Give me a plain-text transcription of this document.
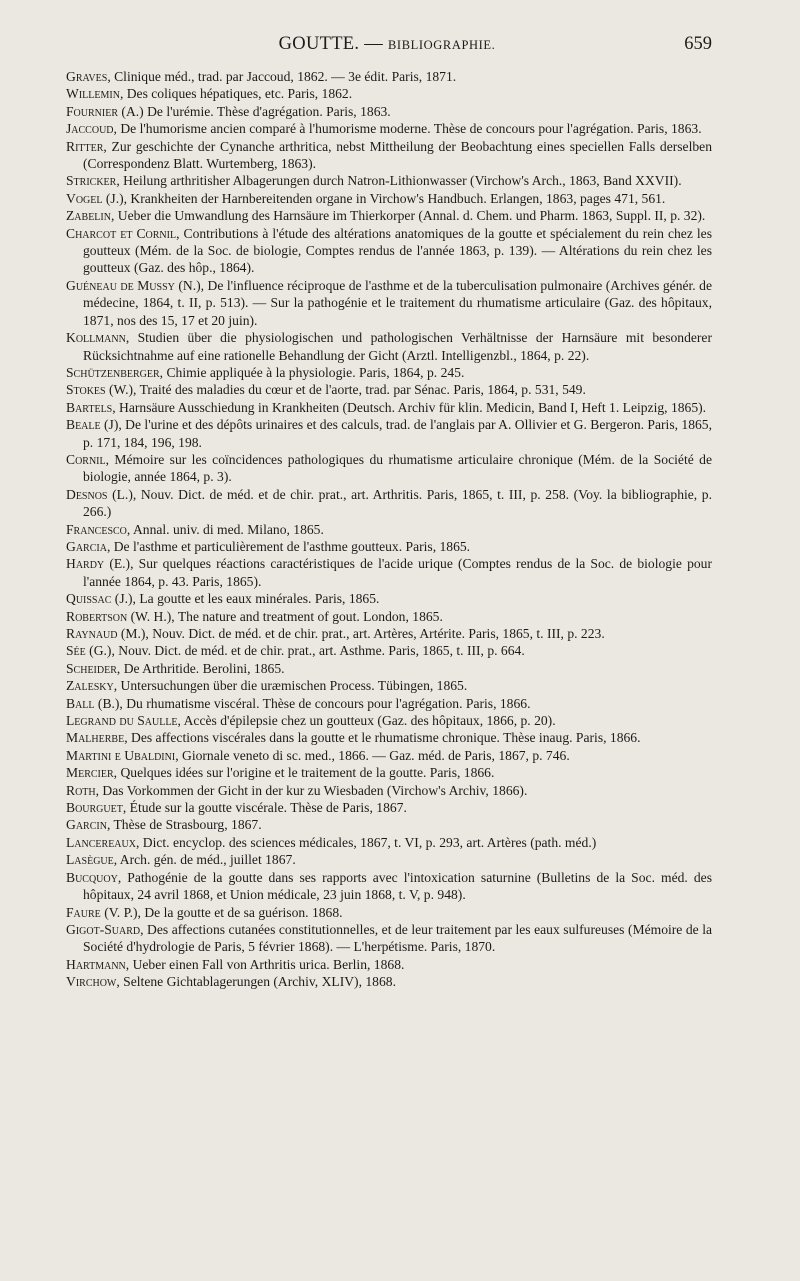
GOUTTE. — BIBLIOGRAPHIE.	659

Graves, Clinique méd., trad. par Jaccoud, 1862. — 3e édit. Paris, 1871.

Willemin, Des coliques hépatiques, etc. Paris, 1862.

Fournier (A.) De l'urémie. Thèse d'agrégation. Paris, 1863.

Jaccoud, De l'humorisme ancien comparé à l'humorisme moderne. Thèse de concours pour l'agrégation. Paris, 1863.

Ritter, Zur geschichte der Cynanche arthritica, nebst Mittheilung der Beobachtung eines speciellen Falls derselben (Correspondenz Blatt. Wurtemberg, 1863).

Stricker, Heilung arthritisher Albagerungen durch Natron-Lithionwasser (Virchow's Arch., 1863, Band XXVII).

Vogel (J.), Krankheiten der Harnbereitenden organe in Virchow's Handbuch. Erlangen, 1863, pages 471, 561.

Zabelin, Ueber die Umwandlung des Harnsäure im Thierkorper (Annal. d. Chem. und Pharm. 1863, Suppl. II, p. 32).

Charcot et Cornil, Contributions à l'étude des altérations anatomiques de la goutte et spécialement du rein chez les goutteux (Mém. de la Soc. de biologie, Comptes rendus de l'année 1863, p. 139). — Altérations du rein chez les goutteux (Gaz. des hôp., 1864).

Guéneau de Mussy (N.), De l'influence réciproque de l'asthme et de la tuberculisation pulmonaire (Archives génér. de médecine, 1864, t. II, p. 513). — Sur la pathogénie et le traitement du rhumatisme articulaire (Gaz. des hôpitaux, 1871, nos des 15, 17 et 20 juin).

Kollmann, Studien über die physiologischen und pathologischen Verhältnisse der Harnsäure mit besonderer Rücksichtnahme auf eine rationelle Behandlung der Gicht (Arztl. Intelligenzbl., 1864, p. 22).

Schützenberger, Chimie appliquée à la physiologie. Paris, 1864, p. 245.

Stokes (W.), Traité des maladies du cœur et de l'aorte, trad. par Sénac. Paris, 1864, p. 531, 549.

Bartels, Harnsäure Ausschiedung in Krankheiten (Deutsch. Archiv für klin. Medicin, Band I, Heft 1. Leipzig, 1865).

Beale (J), De l'urine et des dépôts urinaires et des calculs, trad. de l'anglais par A. Ollivier et G. Bergeron. Paris, 1865, p. 171, 184, 196, 198.

Cornil, Mémoire sur les coïncidences pathologiques du rhumatisme articulaire chronique (Mém. de la Société de biologie, année 1864, p. 3).

Desnos (L.), Nouv. Dict. de méd. et de chir. prat., art. Arthritis. Paris, 1865, t. III, p. 258. (Voy. la bibliographie, p. 266.)

Francesco, Annal. univ. di med. Milano, 1865.

Garcia, De l'asthme et particulièrement de l'asthme goutteux. Paris, 1865.

Hardy (E.), Sur quelques réactions caractéristiques de l'acide urique (Comptes rendus de la Soc. de biologie pour l'année 1864, p. 43. Paris, 1865).

Quissac (J.), La goutte et les eaux minérales. Paris, 1865.

Robertson (W. H.), The nature and treatment of gout. London, 1865.

Raynaud (M.), Nouv. Dict. de méd. et de chir. prat., art. Artères, Artérite. Paris, 1865, t. III, p. 223.

Sée (G.), Nouv. Dict. de méd. et de chir. prat., art. Asthme. Paris, 1865, t. III, p. 664.

Scheider, De Arthritide. Berolini, 1865.

Zalesky, Untersuchungen über die uræmischen Process. Tübingen, 1865.

Ball (B.), Du rhumatisme viscéral. Thèse de concours pour l'agrégation. Paris, 1866.

Legrand du Saulle, Accès d'épilepsie chez un goutteux (Gaz. des hôpitaux, 1866, p. 20).

Malherbe, Des affections viscérales dans la goutte et le rhumatisme chronique. Thèse inaug. Paris, 1866.

Martini e Ubaldini, Giornale veneto di sc. med., 1866. — Gaz. méd. de Paris, 1867, p. 746.

Mercier, Quelques idées sur l'origine et le traitement de la goutte. Paris, 1866.

Roth, Das Vorkommen der Gicht in der kur zu Wiesbaden (Virchow's Archiv, 1866).

Bourguet, Étude sur la goutte viscérale. Thèse de Paris, 1867.

Garcin, Thèse de Strasbourg, 1867.

Lancereaux, Dict. encyclop. des sciences médicales, 1867, t. VI, p. 293, art. Artères (path. méd.)

Lasègue, Arch. gén. de méd., juillet 1867.

Bucquoy, Pathogénie de la goutte dans ses rapports avec l'intoxication saturnine (Bulletins de la Soc. méd. des hôpitaux, 24 avril 1868, et Union médicale, 23 juin 1868, t. V, p. 948).

Faure (V. P.), De la goutte et de sa guérison. 1868.

Gigot-Suard, Des affections cutanées constitutionnelles, et de leur traitement par les eaux sulfureuses (Mémoire de la Société d'hydrologie de Paris, 5 février 1868). — L'herpétisme. Paris, 1870.

Hartmann, Ueber einen Fall von Arthritis urica. Berlin, 1868.

Virchow, Seltene Gichtablagerungen (Archiv, XLIV), 1868.
